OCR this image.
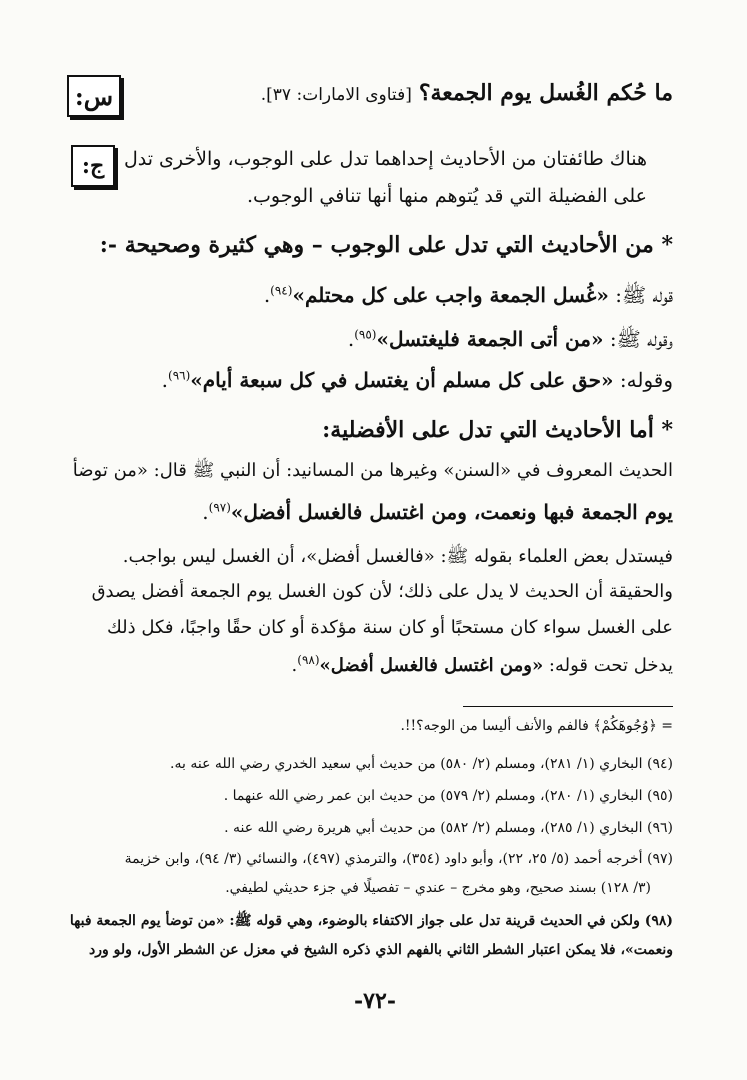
س:	ما حُكم الغُسل يوم الجمعة؟ [فتاوى الامارات: ٣٧].
ج: هناك طائفتان من الأحاديث إحداهما تدل على الوجوب، والأخرى تدل
على الفضيلة التي قد يُتوهم منها أنها تنافي الوجوب.
* من الأحاديث التي تدل على الوجوب – وهي كثيرة وصحيحة -:
قوله ﷺ: «غُسل الجمعة واجب على كل محتلم»$^{(٩٤)}$.
وقوله ﷺ: «من أتى الجمعة فليغتسل»$^{(٩٥)}$.
وقوله: «حق على كل مسلم أن يغتسل في كل سبعة أيام»$^{(٩٦)}$.
* أما الأحاديث التي تدل على الأفضلية:
الحديث المعروف في «السنن» وغيرها من المسانيد: أن النبي ﷺ قال: «من توضأ
يوم الجمعة فبها ونعمت، ومن اغتسل فالغسل أفضل»$^{(٩٧)}$.
فيستدل بعض العلماء بقوله ﷺ: «فالغسل أفضل»، أن الغسل ليس بواجب.
والحقيقة أن الحديث لا يدل على ذلك؛ لأن كون الغسل يوم الجمعة أفضل يصدق
على الغسل سواء كان مستحبًا أو كان سنة مؤكدة أو كان حقًا واجبًا، فكل ذلك
يدخل تحت قوله: «ومن اغتسل فالغسل أفضل»$^{(٩٨)}$.
= ﴿وُجُوهَكُمْ﴾ فالفم والأنف أليسا من الوجه؟!!.
(٩٤) البخاري (١/ ٢٨١)، ومسلم (٢/ ٥٨٠) من حديث أبي سعيد الخدري رضي الله عنه به.
(٩٥) البخاري (١/ ٢٨٠)، ومسلم (٢/ ٥٧٩) من حديث ابن عمر رضي الله عنهما .
(٩٦) البخاري (١/ ٢٨٥)، ومسلم (٢/ ٥٨٢) من حديث أبي هريرة رضي الله عنه .
(٩٧) أخرجه أحمد (٥/ ٢٥، ٢٢)، وأبو داود (٣٥٤)، والترمذي (٤٩٧)، والنسائي (٣/ ٩٤)، وابن خزيمة
(٣/ ١٢٨) بسند صحيح، وهو مخرج – عندي – تفصيلًا في جزء حديثي لطيفي.
(٩٨) ولكن في الحديث قرينة تدل على جواز الاكتفاء بالوضوء، وهي قوله ﷺ: «من توضأ يوم الجمعة فبها
ونعمت»، فلا يمكن اعتبار الشطر الثاني بالفهم الذي ذكره الشيخ في معزل عن الشطر الأول، ولو ورد
-٧٢-
